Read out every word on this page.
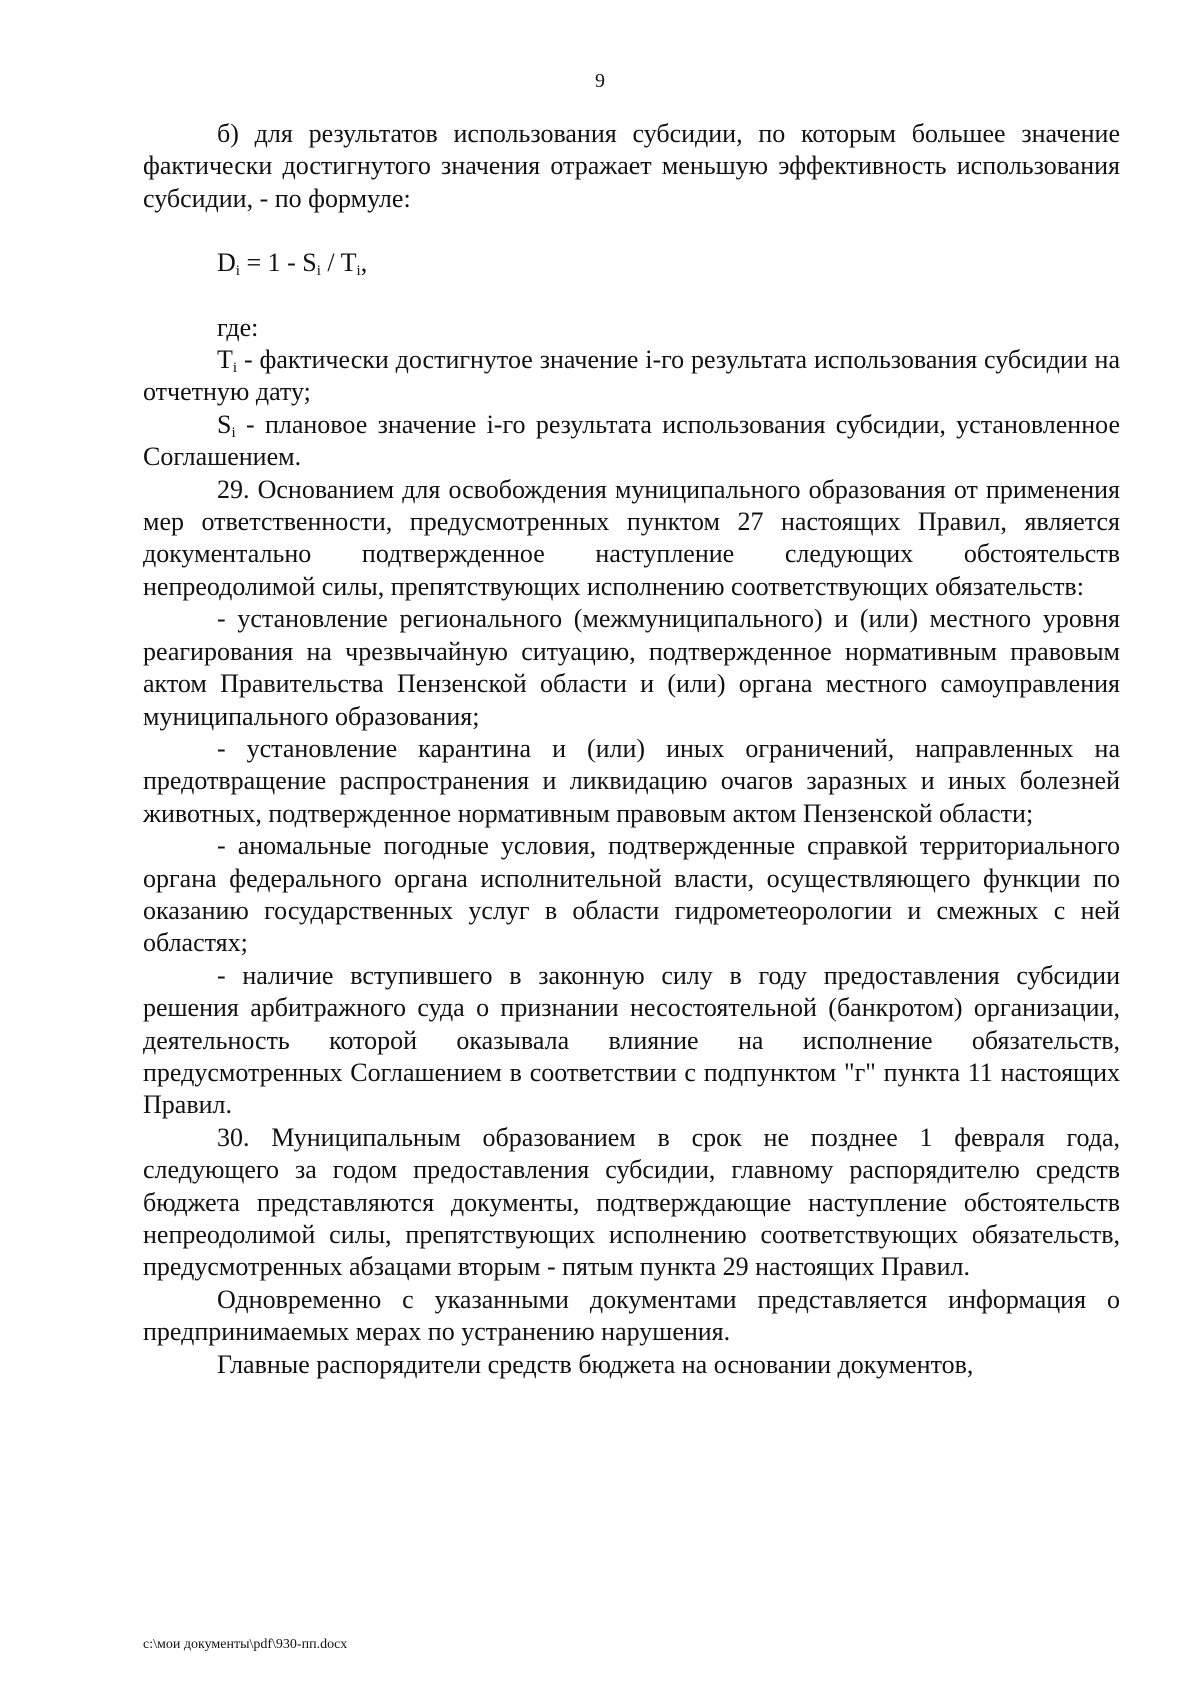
9

б) для результатов использования субсидии, по которым большее значение фактически достигнутого значения отражает меньшую эффективность использования субсидии, - по формуле:

$D_i = 1 - S_i / T_i$,

где:

$T_i$ - фактически достигнутое значение i-го результата использования субсидии на отчетную дату;

$S_i$ - плановое значение i-го результата использования субсидии, установленное Соглашением.

29. Основанием для освобождения муниципального образования от применения мер ответственности, предусмотренных пунктом 27 настоящих Правил, является документально подтвержденное наступление следующих обстоятельств непреодолимой силы, препятствующих исполнению соответствующих обязательств:

- установление регионального (межмуниципального) и (или) местного уровня реагирования на чрезвычайную ситуацию, подтвержденное нормативным правовым актом Правительства Пензенской области и (или) органа местного самоуправления муниципального образования;

- установление карантина и (или) иных ограничений, направленных на предотвращение распространения и ликвидацию очагов заразных и иных болезней животных, подтвержденное нормативным правовым актом Пензенской области;

- аномальные погодные условия, подтвержденные справкой территориального органа федерального органа исполнительной власти, осуществляющего функции по оказанию государственных услуг в области гидрометеорологии и смежных с ней областях;

- наличие вступившего в законную силу в году предоставления субсидии решения арбитражного суда о признании несостоятельной (банкротом) организации, деятельность которой оказывала влияние на исполнение обязательств, предусмотренных Соглашением в соответствии с подпунктом "г" пункта 11 настоящих Правил.

30. Муниципальным образованием в срок не позднее 1 февраля года, следующего за годом предоставления субсидии, главному распорядителю средств бюджета представляются документы, подтверждающие наступление обстоятельств непреодолимой силы, препятствующих исполнению соответствующих обязательств, предусмотренных абзацами вторым - пятым пункта 29 настоящих Правил.

Одновременно с указанными документами представляется информация о предпринимаемых мерах по устранению нарушения.

Главные распорядители средств бюджета на основании документов,

c:\мои документы\pdf\930-пп.docx
